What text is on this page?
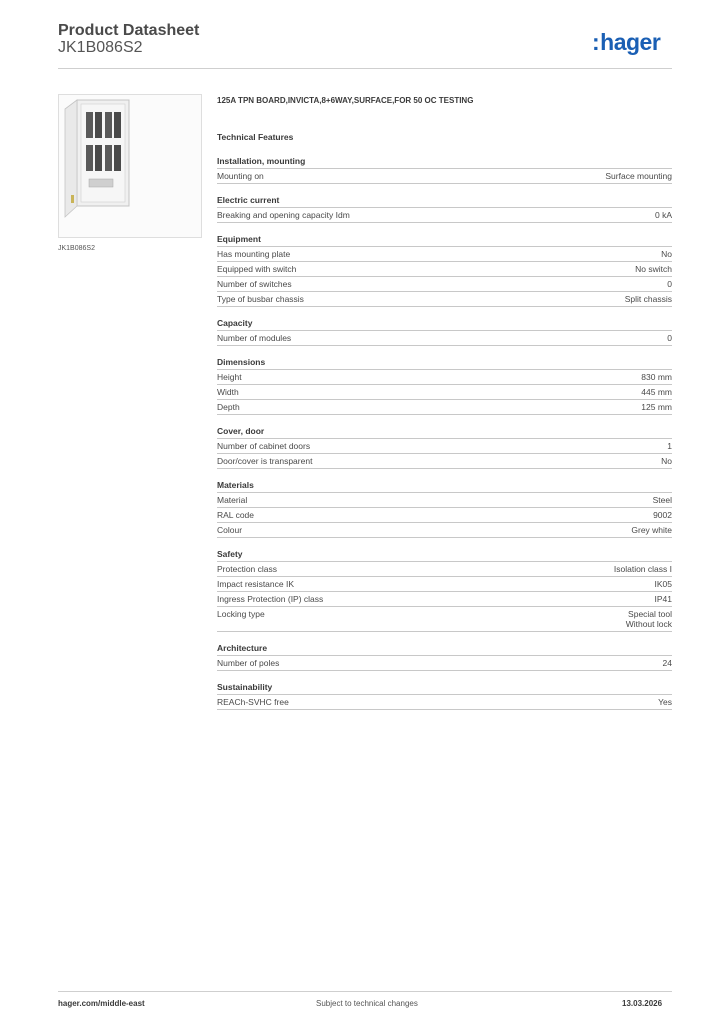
Product Datasheet
JK1B086S2	:hager
JK1B086S2
125A TPN BOARD,INVICTA,8+6WAY,SURFACE,FOR 50 OC TESTING
Technical Features
Installation, mounting
Mounting on	Surface mounting
Electric current
Breaking and opening capacity Idm	0 kA
Equipment
Has mounting plate	No
Equipped with switch	No switch
Number of switches	0
Type of busbar chassis	Split chassis
Capacity
Number of modules	0
Dimensions
Height	830 mm
Width	445 mm
Depth	125 mm
Cover, door
Number of cabinet doors	1
Door/cover is transparent	No
Materials
Material	Steel
RAL code	9002
Colour	Grey white
Safety
Protection class	Isolation class I
Impact resistance IK	IK05
Ingress Protection (IP) class	IP41
Locking type	Special tool
Without lock
Architecture
Number of poles	24
Sustainability
REACh-SVHC free	Yes
hager.com/middle-east	Subject to technical changes	13.03.2026
